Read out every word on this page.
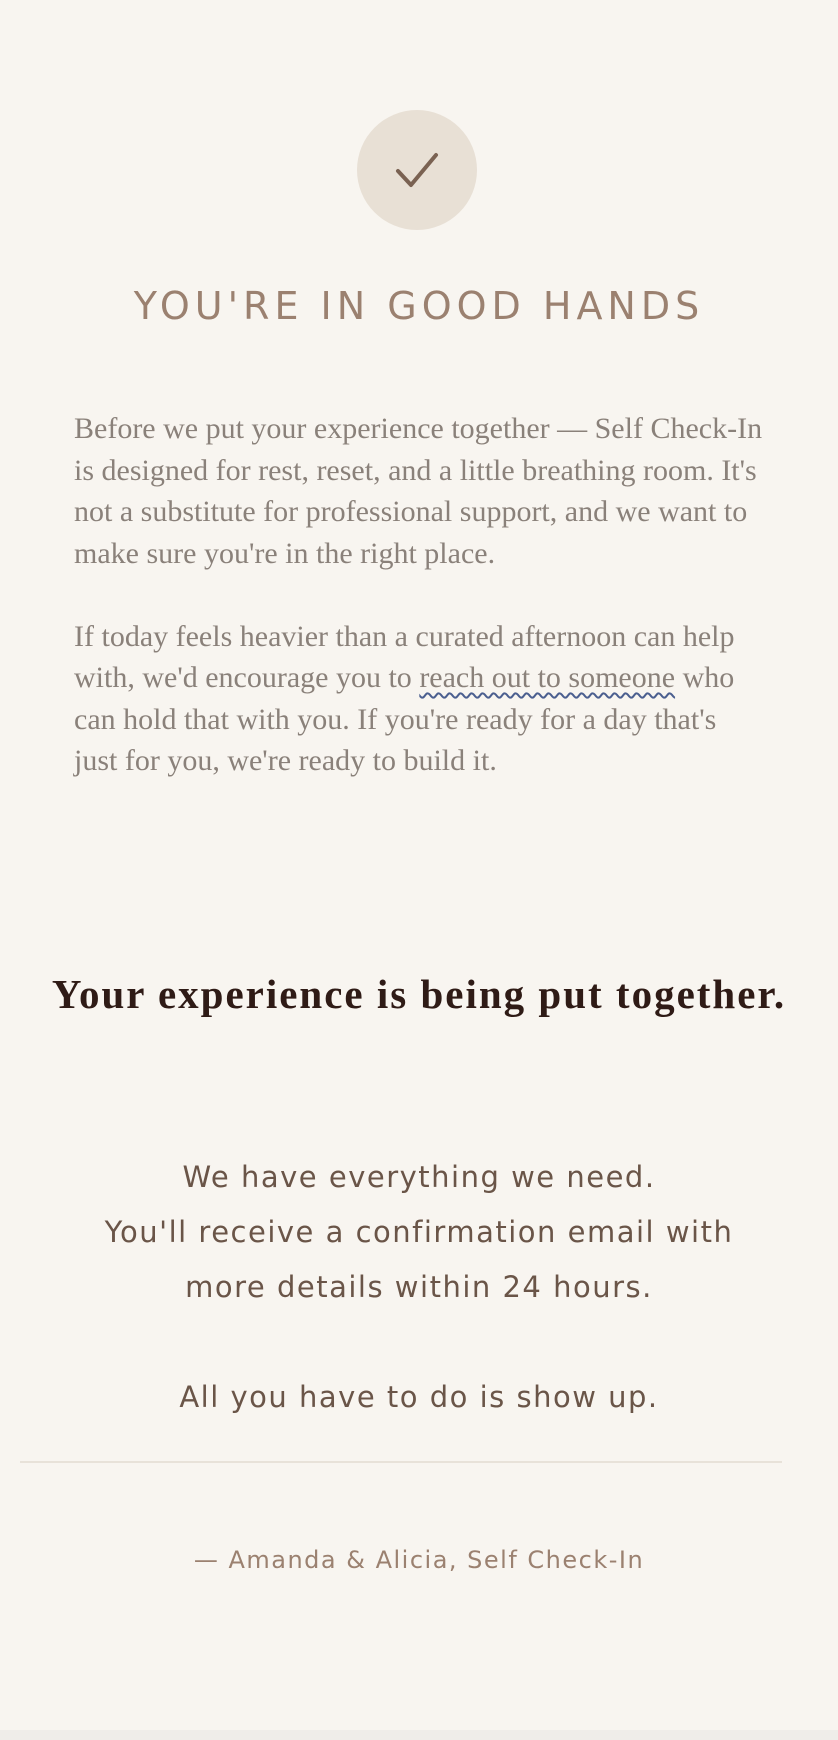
YOU'RE IN GOOD HANDS

Before we put your experience together — Self Check-In is designed for rest, reset, and a little breathing room. It's not a substitute for professional support, and we want to make sure you're in the right place.

If today feels heavier than a curated afternoon can help with, we'd encourage you to reach out to someone who can hold that with you. If you're ready for a day that's just for you, we're ready to build it.

Your experience is being put together.

We have everything we need.

You'll receive a confirmation email with more details within 24 hours.

All you have to do is show up.

— Amanda & Alicia, Self Check-In
